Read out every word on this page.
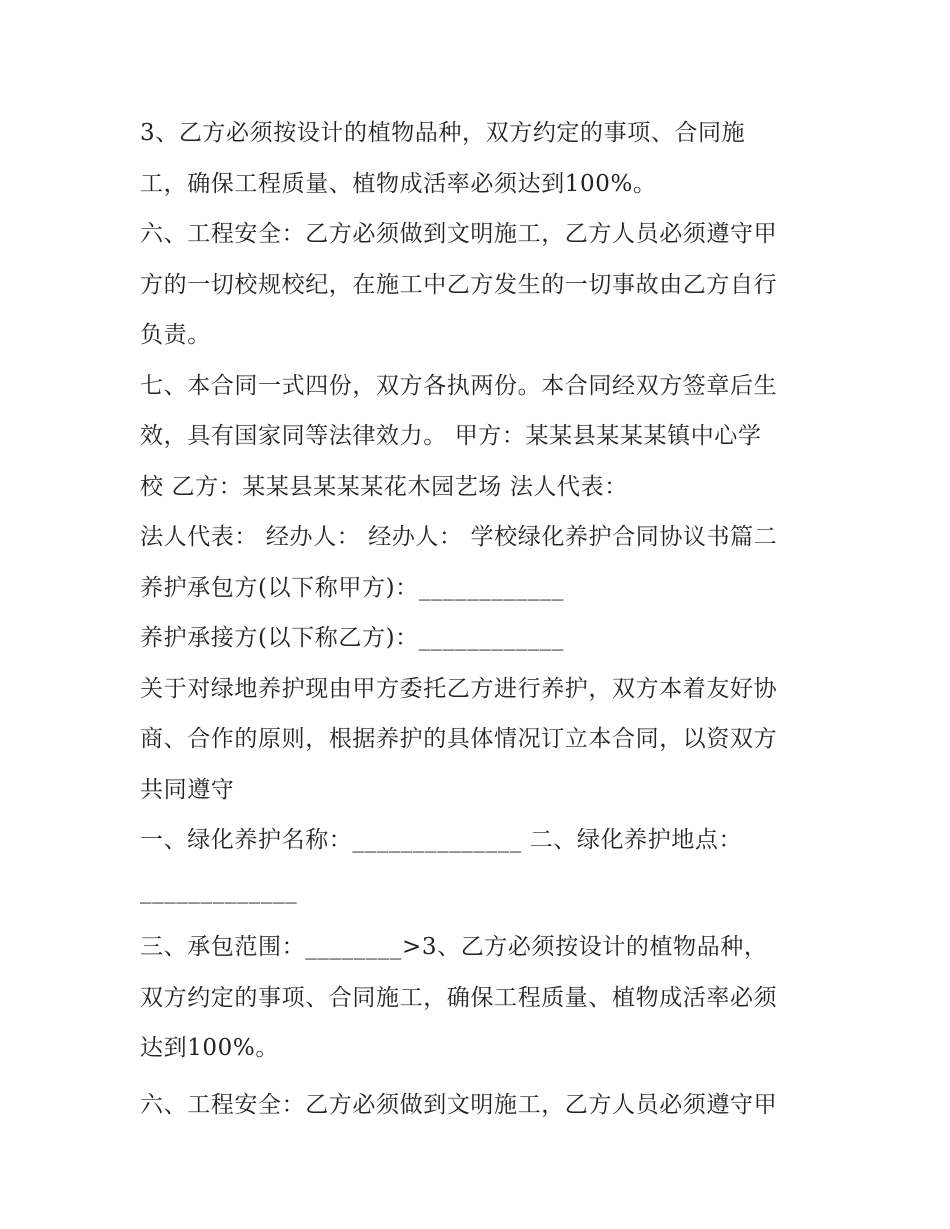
3、乙方必须按设计的植物品种，双方约定的事项、合同施
工，确保工程质量、植物成活率必须达到100%。
六、工程安全：乙方必须做到文明施工，乙方人员必须遵守甲
方的一切校规校纪，在施工中乙方发生的一切事故由乙方自行
负责。
七、本合同一式四份，双方各执两份。本合同经双方签章后生
效，具有国家同等法律效力。 甲方：某某县某某某镇中心学
校 乙方：某某县某某某花木园艺场 法人代表：
法人代表： 经办人： 经办人： 学校绿化养护合同协议书篇二
养护承包方(以下称甲方)：____________
养护承接方(以下称乙方)：____________
关于对绿地养护现由甲方委托乙方进行养护，双方本着友好协
商、合作的原则，根据养护的具体情况订立本合同，以资双方
共同遵守
一、绿化养护名称：______________ 二、绿化养护地点：
_____________
三、承包范围：________>3、乙方必须按设计的植物品种，
双方约定的事项、合同施工，确保工程质量、植物成活率必须
达到100%。
六、工程安全：乙方必须做到文明施工，乙方人员必须遵守甲
